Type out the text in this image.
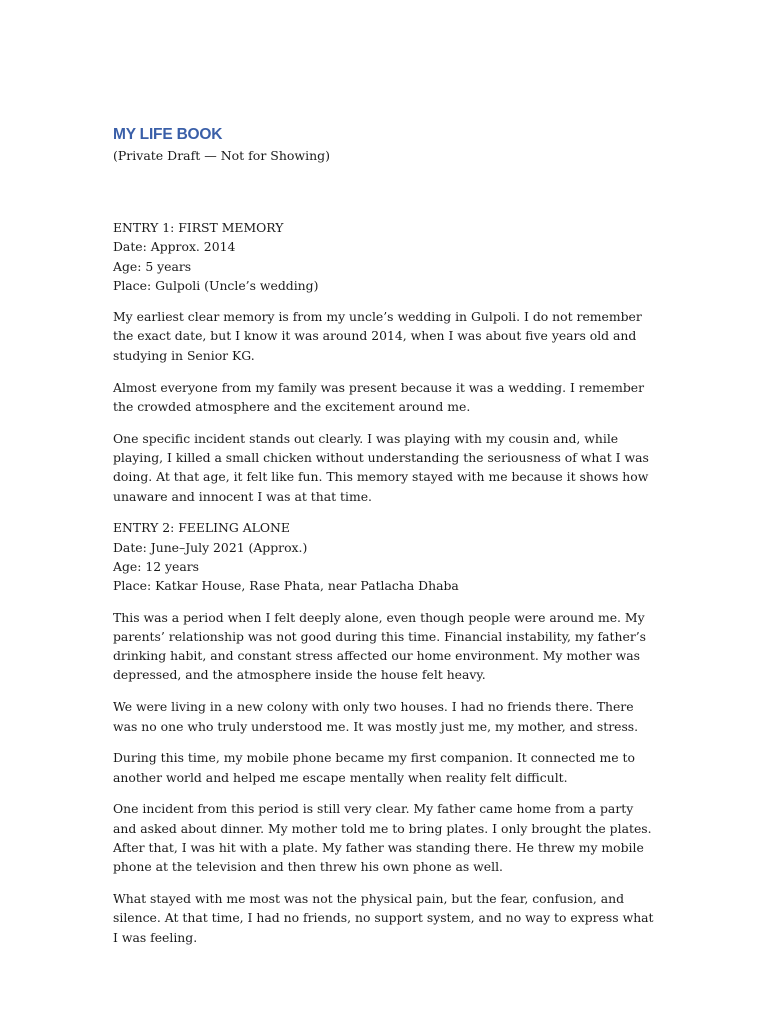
MY LIFE BOOK

(Private Draft — Not for Showing)

ENTRY 1: FIRST MEMORY
Date: Approx. 2014
Age: 5 years
Place: Gulpoli (Uncle’s wedding)

My earliest clear memory is from my uncle’s wedding in Gulpoli. I do not remember the exact date, but I know it was around 2014, when I was about five years old and studying in Senior KG.

Almost everyone from my family was present because it was a wedding. I remember the crowded atmosphere and the excitement around me.

One specific incident stands out clearly. I was playing with my cousin and, while playing, I killed a small chicken without understanding the seriousness of what I was doing. At that age, it felt like fun. This memory stayed with me because it shows how unaware and innocent I was at that time.

ENTRY 2: FEELING ALONE
Date: June–July 2021 (Approx.)
Age: 12 years
Place: Katkar House, Rase Phata, near Patlacha Dhaba

This was a period when I felt deeply alone, even though people were around me. My parents’ relationship was not good during this time. Financial instability, my father’s drinking habit, and constant stress affected our home environment. My mother was depressed, and the atmosphere inside the house felt heavy.

We were living in a new colony with only two houses. I had no friends there. There was no one who truly understood me. It was mostly just me, my mother, and stress.

During this time, my mobile phone became my first companion. It connected me to another world and helped me escape mentally when reality felt difficult.

One incident from this period is still very clear. My father came home from a party and asked about dinner. My mother told me to bring plates. I only brought the plates. After that, I was hit with a plate. My father was standing there. He threw my mobile phone at the television and then threw his own phone as well.

What stayed with me most was not the physical pain, but the fear, confusion, and silence. At that time, I had no friends, no support system, and no way to express what I was feeling.
